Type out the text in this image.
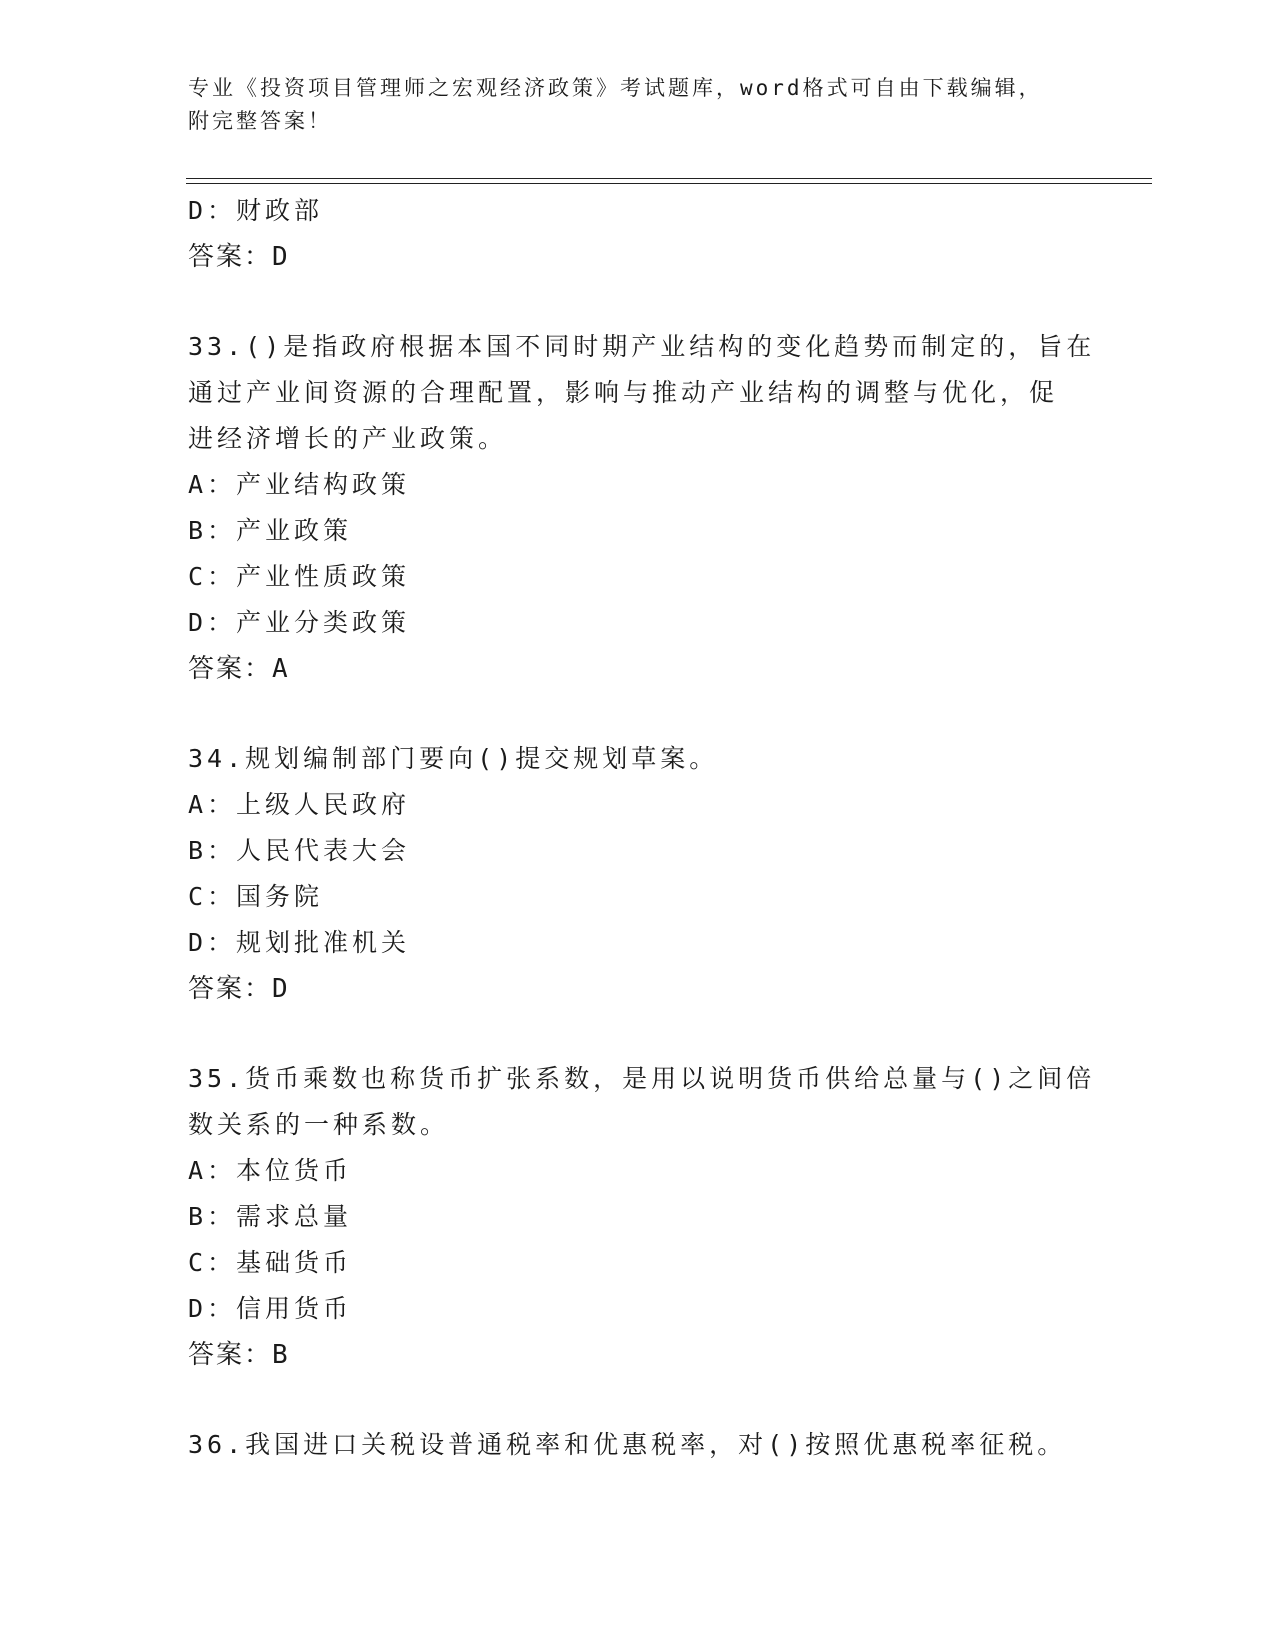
专业《投资项目管理师之宏观经济政策》考试题库，word格式可自由下载编辑，
附完整答案！
D：财政部
答案：D
33.()是指政府根据本国不同时期产业结构的变化趋势而制定的，旨在
通过产业间资源的合理配置，影响与推动产业结构的调整与优化，促
进经济增长的产业政策。
A：产业结构政策
B：产业政策
C：产业性质政策
D：产业分类政策
答案：A
34.规划编制部门要向()提交规划草案。
A：上级人民政府
B：人民代表大会
C：国务院
D：规划批准机关
答案：D
35.货币乘数也称货币扩张系数，是用以说明货币供给总量与()之间倍
数关系的一种系数。
A：本位货币
B：需求总量
C：基础货币
D：信用货币
答案：B
36.我国进口关税设普通税率和优惠税率，对()按照优惠税率征税。
